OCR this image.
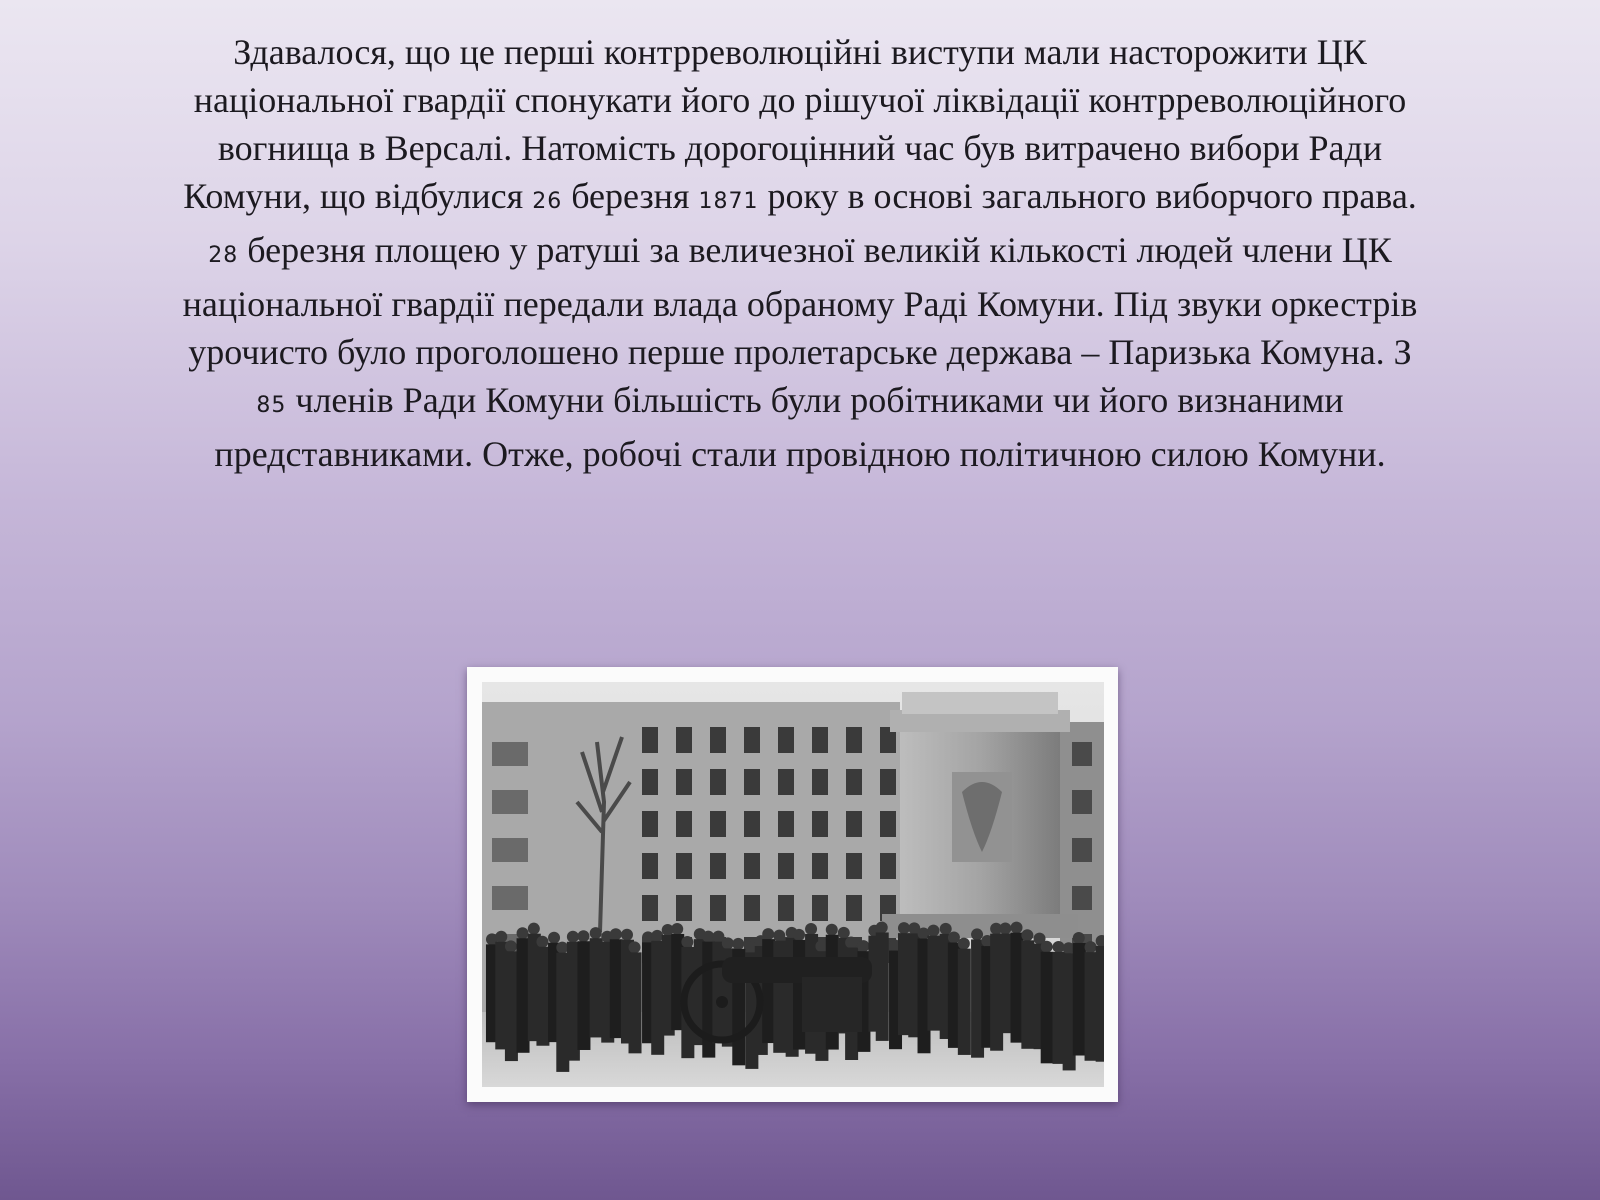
Здавалося, що це перші контрреволюційні виступи мали насторожити ЦК
національної гвардії спонукати його до рішучої ліквідації контрреволюційного
вогнища в Версалі. Натомість дорогоцінний час був витрачено вибори Ради
Комуни, що відбулися 26 березня 1871 року в основі загального виборчого права.
28 березня площею у ратуші за величезної великій кількості людей члени ЦК
національної гвардії передали влада обраному Раді Комуни. Під звуки оркестрів
урочисто було проголошено перше пролетарське держава – Паризька Комуна. З
85 членів Ради Комуни більшість були робітниками чи його визнаними
представниками. Отже, робочі стали провідною політичною силою Комуни.
